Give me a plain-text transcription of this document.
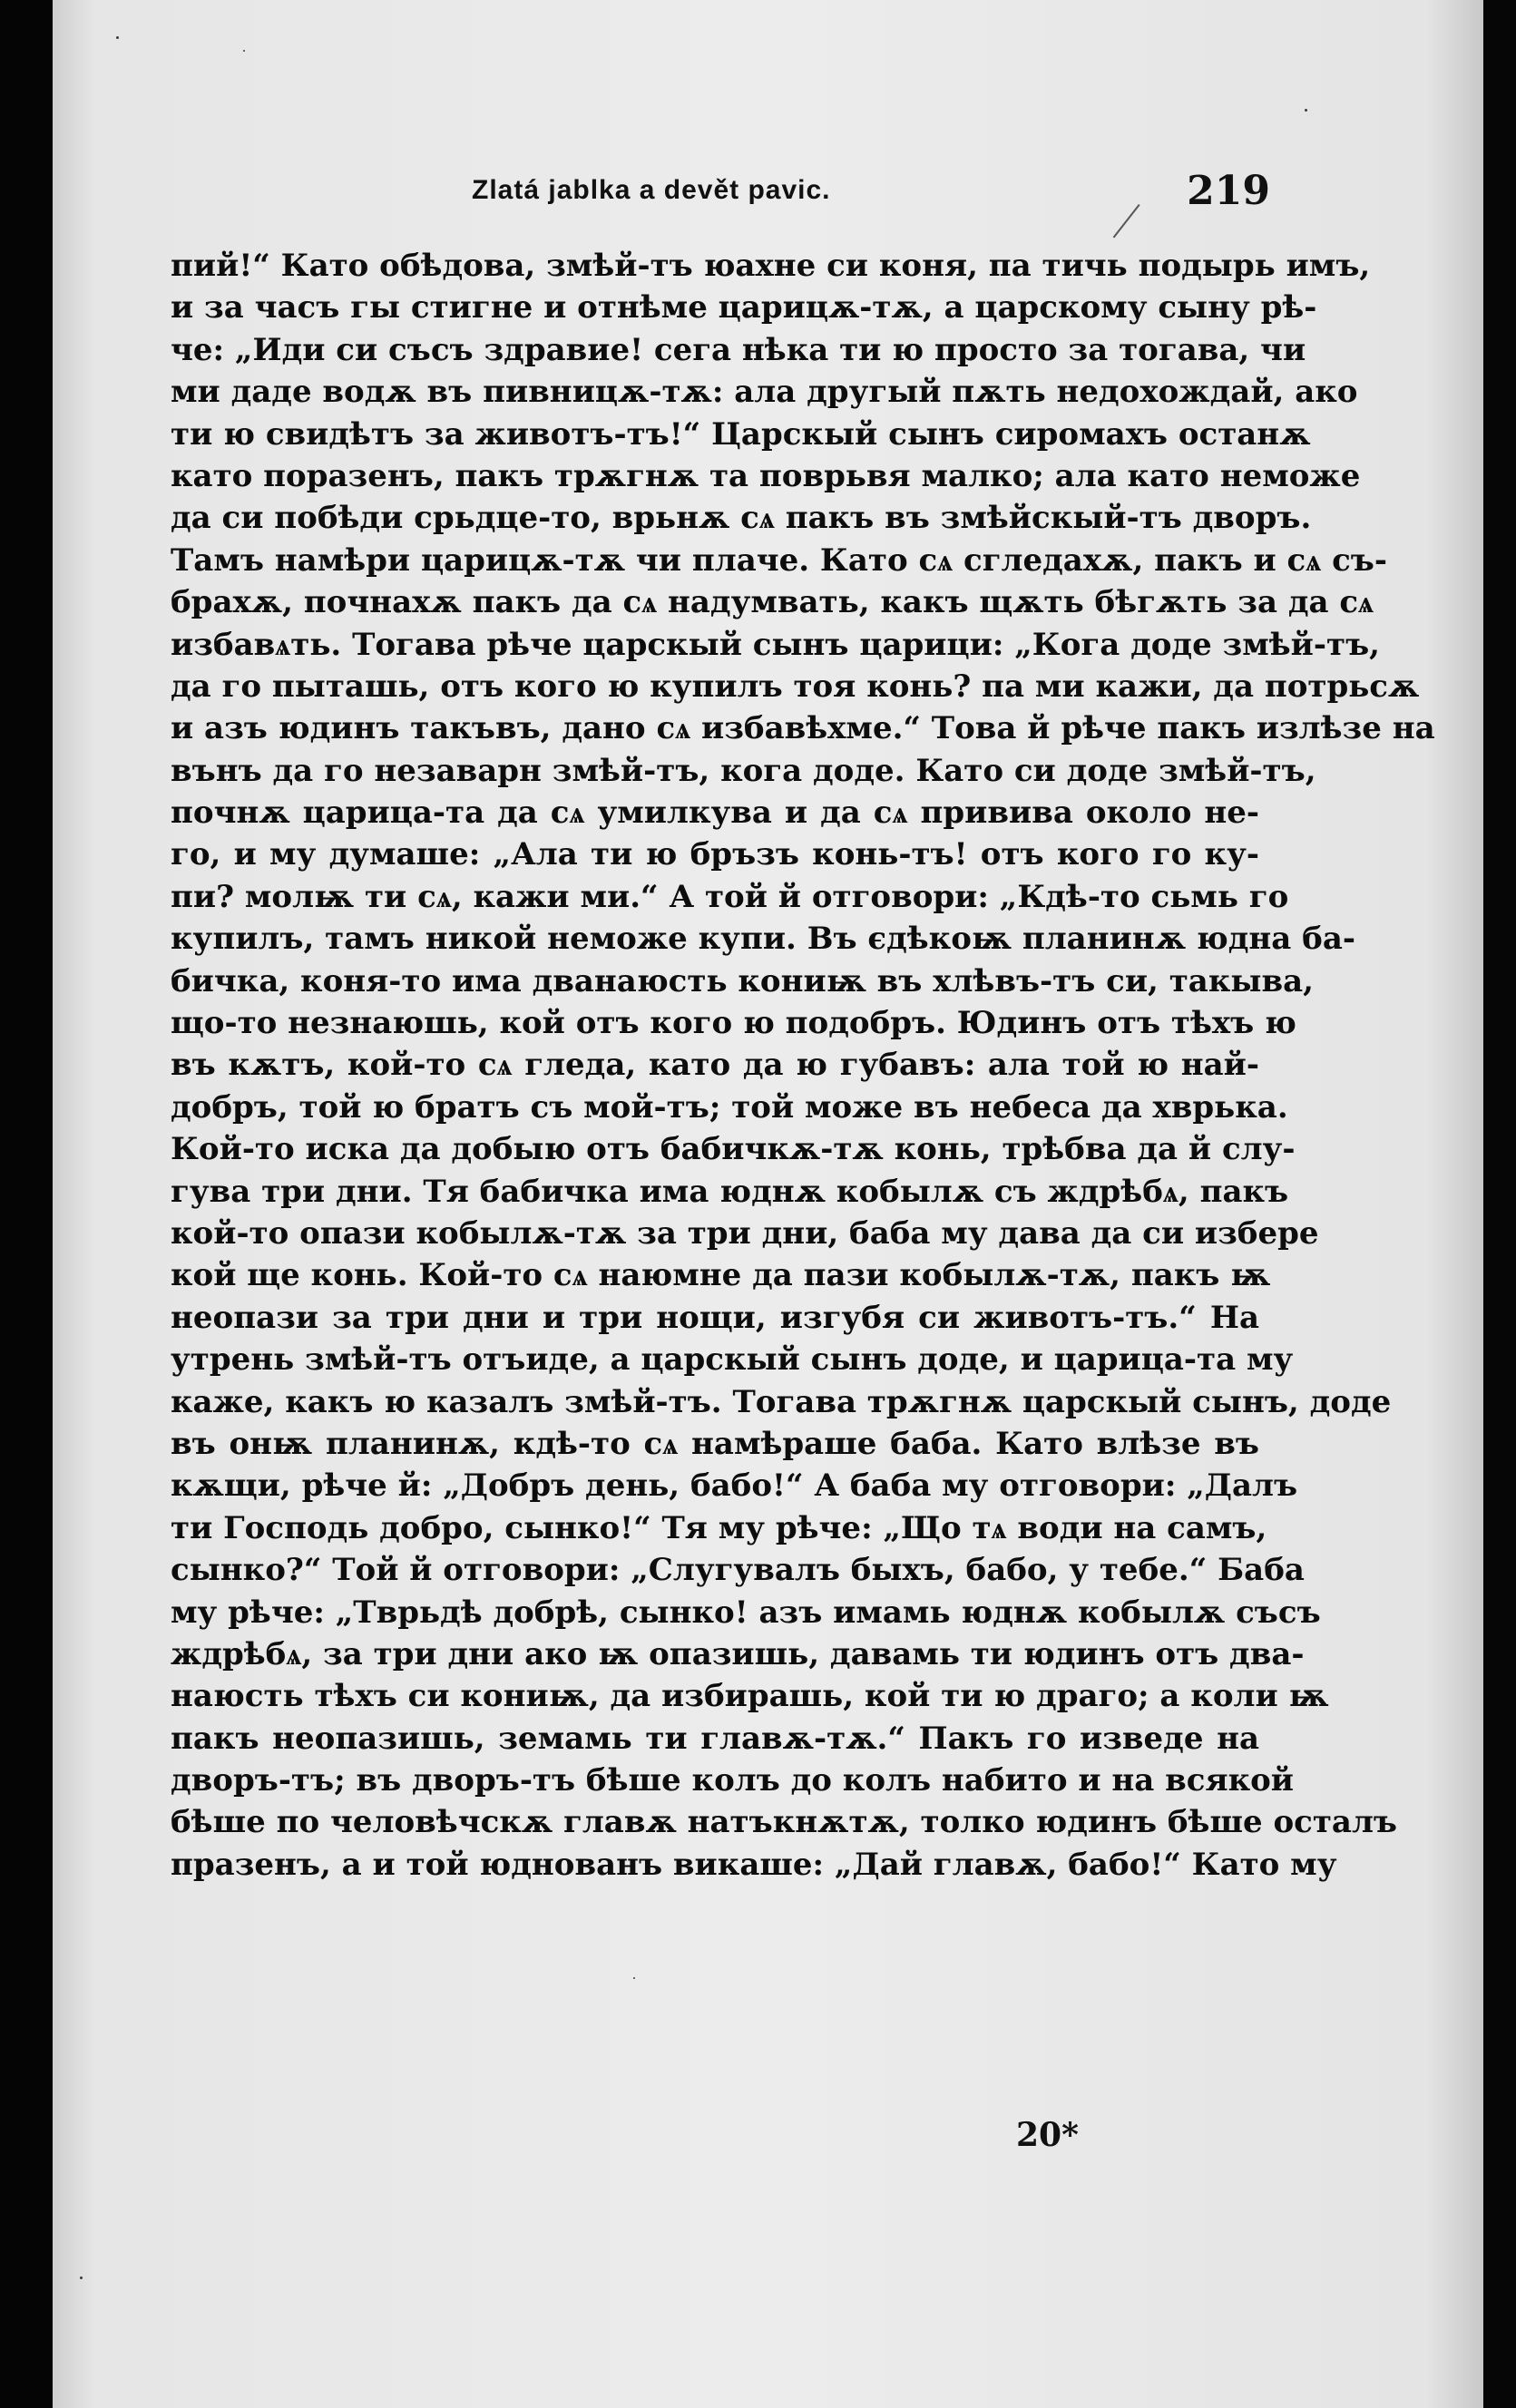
Zlatá jablka a devět pavic.	219
пий!“ Като обѣдова, змѣй-тъ юахне си коня, па тичь подырь имъ,
и за часъ гы стигне и отнѣме царицѫ-тѫ, а царскому сыну рѣ-
че: „Иди си съсъ здравие! сега нѣка ти ю просто за тогава, чи
ми даде водѫ въ пивницѫ-тѫ: ала другый пѫть недохождай, ако
ти ю свидѣтъ за животъ-тъ!“ Царскый сынъ сиромахъ останѫ
като поразенъ, пакъ трѫгнѫ та поврьвя малко; ала като неможе
да си побѣди срьдце-то, врьнѫ сѧ пакъ въ змѣйскый-тъ дворъ.
Тамъ намѣри царицѫ-тѫ чи плаче. Като сѧ сгледахѫ, пакъ и сѧ съ-
брахѫ, почнахѫ пакъ да сѧ надумвать, какъ щѫть бѣгѫть за да сѧ
избавѧть. Тогава рѣче царскый сынъ царици: „Кога доде змѣй-тъ,
да го пыташь, отъ кого ю купилъ тоя конь? па ми кажи, да потрьсѫ
и азъ юдинъ такъвъ, дано сѧ избавѣхме.“ Това й рѣче пакъ излѣзе на
вънъ да го незаварн змѣй-тъ, кога доде. Като си доде змѣй-тъ,
почнѫ царица-та да сѧ умилкува и да сѧ привива около не-
го, и му думаше: „Ала ти ю бръзъ конь-тъ! отъ кого го ку-
пи? молѭ ти сѧ, кажи ми.“ А той й отговори: „Кдѣ-то сьмь го
купилъ, тамъ никой неможе купи. Въ єдѣкоѭ планинѫ юдна ба-
бичка, коня-то има дванаюсть кониѭ въ хлѣвъ-тъ си, такыва,
що-то незнаюшь, кой отъ кого ю подобръ. Юдинъ отъ тѣхъ ю
въ кѫтъ, кой-то сѧ гледа, като да ю губавъ: ала той ю най-
добръ, той ю братъ съ мой-тъ; той може въ небеса да хврька.
Кой-то иска да добыю отъ бабичкѫ-тѫ конь, трѣбва да й слу-
гува три дни. Тя бабичка има юднѫ кобылѫ съ ждрѣбѧ, пакъ
кой-то опази кобылѫ-тѫ за три дни, баба му дава да си избере
кой ще конь. Кой-то сѧ наюмне да пази кобылѫ-тѫ, пакъ ѭ
неопази за три дни и три нощи, изгубя си животъ-тъ.“ На
утрень змѣй-тъ отъиде, а царскый сынъ доде, и царица-та му
каже, какъ ю казалъ змѣй-тъ. Тогава трѫгнѫ царскый сынъ, доде
въ онѭ планинѫ, кдѣ-то сѧ намѣраше баба. Като влѣзе въ
кѫщи, рѣче й: „Добръ день, бабо!“ А баба му отговори: „Далъ
ти Господь добро, сынко!“ Тя му рѣче: „Що тѧ води на самъ,
сынко?“ Той й отговори: „Слугувалъ быхъ, бабо, у тебе.“ Баба
му рѣче: „Тврьдѣ добрѣ, сынко! азъ имамь юднѫ кобылѫ съсъ
ждрѣбѧ, за три дни ако ѭ опазишь, давамь ти юдинъ отъ два-
наюсть тѣхъ си кониѭ, да избирашь, кой ти ю драго; а коли ѭ
пакъ неопазишь, земамь ти главѫ-тѫ.“ Пакъ го изведе на
дворъ-тъ; въ дворъ-тъ бѣше колъ до колъ набито и на всякой
бѣше по человѣчскѫ главѫ натъкнѫтѫ, толко юдинъ бѣше осталъ
празенъ, а и той юднованъ викаше: „Дай главѫ, бабо!“ Като му
20*
